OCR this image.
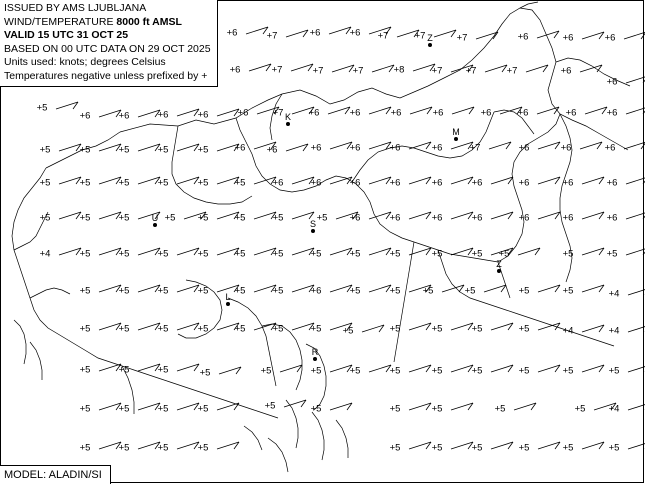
+6	+7	+6	+6 +7	+7	+7	+6	+6	+6
+6	+7	+7	+7	+8	+7 +7	+7	+6
+6
+5
+6	+6	+6	+6	+6	+7	+6	+6	+6	+6	+6	+6	+6	+6
+5	+5	+5	+5	+5	+6 +6	+6	+6	+6	+6	+7	+6	+6	+6
+5	+5	+5	+5	+5	+5	+6	+6	+6	+6	+6	+6	+6	+6	+6
+5	+5	+5	+5 +5	+5	+5	+5 +6	+6	+6	+6	+6	+6	+6
+4	+5	+5	+5	+5	+5	+5	+5	+5	+5	+5	+5 +5	+5	+5
+5	+5	+5	+5	+5	+5	+6	+5	+5 +5	+5	+5	+5	+4
+5	+5	+5	+5	+5	+5	+5 +5	+5	+5	+5	+5	+4	+4
+5	+5	+5	+5	+5	+5	+5	+5	+5	+5	+5	+5	+5
+5	+5	+5	+5	+5	+5	+5	+5	+5	+5 +4
+5	+5	+5	+5	+5	+5	+5	+5	+5	+5
Z
K
M
U
S
Z
L
R
ISSUED BY AMS LJUBLJANA
WIND/TEMPERATURE 8000 ft AMSL
VALID 15 UTC 31 OCT 25
BASED ON 00 UTC DATA ON 29 OCT 2025
Units used: knots; degrees Celsius
Temperatures negative unless prefixed by +
MODEL: ALADIN/SI
